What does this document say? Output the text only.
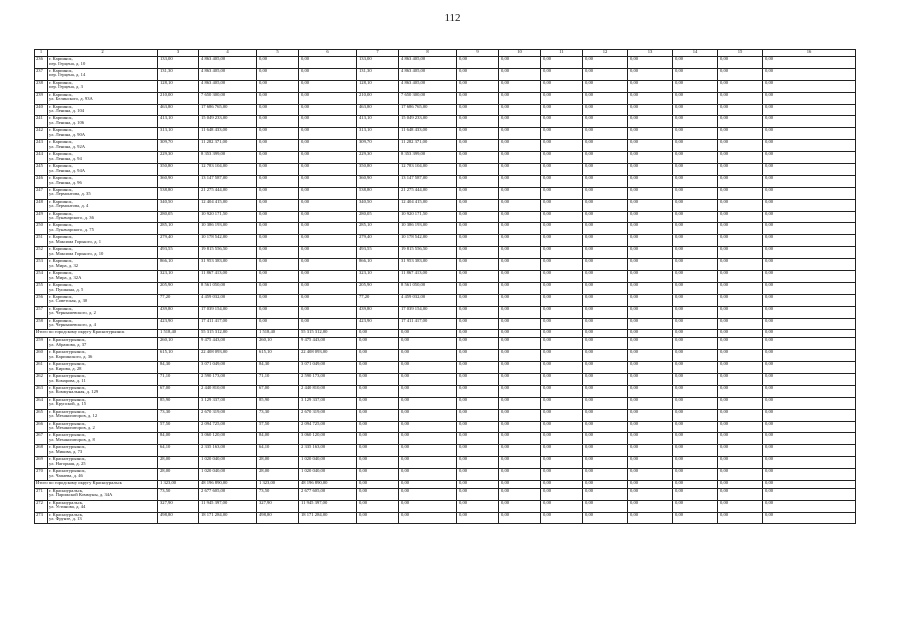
112
1	2	3	4	5	6	7	8	9	10	11	12	13	14	15	16
236	г. Карпинск,
пер. Герцена, д. 10	133,00	4 863 405,00	0,00	0,00	133,00	4 863 405,00	0,00	0,00	0,00	0,00	0,00	0,00	0,00	0,00
237	г. Карпинск,
пер. Герцена, д. 14	131,30	4 863 405,00	0,00	0,00	131,30	4 863 405,00	0,00	0,00	0,00	0,00	0,00	0,00	0,00	0,00
238	г. Карпинск,
пер. Герцена, д. 3	128,10	4 863 405,00	0,00	0,00	128,10	4 863 405,00	0,00	0,00	0,00	0,00	0,00	0,00	0,00	0,00
239	г. Карпинск,
ул. Белинского, д. 93А	210,00	7 650 300,00	0,00	0,00	210,00	7 650 300,00	0,00	0,00	0,00	0,00	0,00	0,00	0,00	0,00
240	г. Карпинск,
ул. Ленина, д. 104	463,80	17 686 765,00	0,00	0,00	463,80	17 686 765,00	0,00	0,00	0,00	0,00	0,00	0,00	0,00	0,00
241	г. Карпинск,
ул. Ленина, д. 106	413,10	15 049 233,00	0,00	0,00	413,10	15 049 233,00	0,00	0,00	0,00	0,00	0,00	0,00	0,00	0,00
242	г. Карпинск,
ул. Ленина, д. 90А	313,10	11 648 433,00	0,00	0,00	313,10	11 648 433,00	0,00	0,00	0,00	0,00	0,00	0,00	0,00	0,00
243	г. Карпинск,
ул. Ленина, д. 92А	309,70	11 282 371,00	0,00	0,00	309,70	11 282 371,00	0,00	0,00	0,00	0,00	0,00	0,00	0,00	0,00
244	г. Карпинск,
ул. Ленина, д. 94	229,30	8 353 399,00	0,00	0,00	229,30	8 353 399,00	0,00	0,00	0,00	0,00	0,00	0,00	0,00	0,00
245	г. Карпинск,
ул. Ленина, д. 94А	350,80	12 783 104,00	0,00	0,00	350,80	12 783 104,00	0,00	0,00	0,00	0,00	0,00	0,00	0,00	0,00
246	г. Карпинск,
ул. Ленина, д. 96	360,90	13 147 587,00	0,00	0,00	360,90	13 147 587,00	0,00	0,00	0,00	0,00	0,00	0,00	0,00	0,00
247	г. Карпинск,
ул. Лермонтова, д. 35	538,80	21 275 444,00	0,00	0,00	538,80	21 275 444,00	0,00	0,00	0,00	0,00	0,00	0,00	0,00	0,00
248	г. Карпинск,
ул. Лермонтова, д. 4	340,50	12 404 415,00	0,00	0,00	340,50	12 404 415,00	0,00	0,00	0,00	0,00	0,00	0,00	0,00	0,00
249	г. Карпинск,
ул. Луначарского, д. 36	280,05	10 920 171,50	0,00	0,00	280,05	10 920 171,50	0,00	0,00	0,00	0,00	0,00	0,00	0,00	0,00
250	г. Карпинск,
ул. Луначарского, д. 75	285,10	10 386 193,00	0,00	0,00	285,10	10 386 193,00	0,00	0,00	0,00	0,00	0,00	0,00	0,00	0,00
251	г. Карпинск,
ул. Максима Горького, д. 1	279,40	10 178 542,00	0,00	0,00	279,40	10 178 542,00	0,00	0,00	0,00	0,00	0,00	0,00	0,00	0,00
252	г. Карпинск,
ул. Максима Горького, д. 10	493,55	19 815 556,50	0,00	0,00	493,55	19 815 556,50	0,00	0,00	0,00	0,00	0,00	0,00	0,00	0,00
253	г. Карпинск,
ул. Мира, д. 32	866,10	31 953 383,00	0,00	0,00	866,10	31 953 383,00	0,00	0,00	0,00	0,00	0,00	0,00	0,00	0,00
254	г. Карпинск,
ул. Мира, д. 32А	323,10	11 867 413,00	0,00	0,00	323,10	11 867 413,00	0,00	0,00	0,00	0,00	0,00	0,00	0,00	0,00
255	г. Карпинск,
ул. Пушкина, д. 5	205,90	8 561 050,00	0,00	0,00	205,90	8 561 050,00	0,00	0,00	0,00	0,00	0,00	0,00	0,00	0,00
256	г. Карпинск,
ул. Советская, д. 30	77,20	4 459 032,00	0,00	0,00	77,20	4 459 032,00	0,00	0,00	0,00	0,00	0,00	0,00	0,00	0,00
257	г. Карпинск,
ул. Чернышевского, д. 2	439,80	17 039 154,00	0,00	0,00	439,80	17 039 154,00	0,00	0,00	0,00	0,00	0,00	0,00	0,00	0,00
258	г. Карпинск,
ул. Чернышевского, д. 4	423,90	17 411 417,00	0,00	0,00	423,90	17 411 417,00	0,00	0,00	0,00	0,00	0,00	0,00	0,00	0,00
Итого по городскому округу Краснотурьинск		1 518,40	55 315 312,00	1 518,40	55 315 312,00	0,00	0,00	0,00	0,00	0,00	0,00	0,00	0,00	0,00	0,00
259	г. Краснотурьинск,
ул. Абрамова, д. 37	260,10	9 475 443,00	260,10	9 475 443,00	0,00	0,00	0,00	0,00	0,00	0,00	0,00	0,00	0,00	0,00
260	г. Краснотурьинск,
ул. Карпинского, д. 36	615,10	22 408 093,00	615,10	22 408 093,00	0,00	0,00	0,00	0,00	0,00	0,00	0,00	0,00	0,00	0,00
261	г. Краснотурьинск,
ул. Кирова, д. 28	84,30	3 071 049,00	84,30	3 071 049,00	0,00	0,00	0,00	0,00	0,00	0,00	0,00	0,00	0,00	0,00
262	г. Краснотурьинск,
ул. Комарова, д. 11	71,10	2 590 173,00	71,10	2 590 173,00	0,00	0,00	0,00	0,00	0,00	0,00	0,00	0,00	0,00	0,00
263	г. Краснотурьинск,
ул. Коммунальная, д. 129	67,00	2 440 810,00	67,00	2 440 810,00	0,00	0,00	0,00	0,00	0,00	0,00	0,00	0,00	0,00	0,00
264	г. Краснотурьинск,
ул. Крупской, д. 15	85,90	3 129 337,00	85,90	3 129 337,00	0,00	0,00	0,00	0,00	0,00	0,00	0,00	0,00	0,00	0,00
265	г. Краснотурьинск,
ул. Механизаторов, д. 12	73,30	2 670 319,00	73,30	2 670 319,00	0,00	0,00	0,00	0,00	0,00	0,00	0,00	0,00	0,00	0,00
266	г. Краснотурьинск,
ул. Механизаторов, д. 2	57,50	2 094 725,00	57,50	2 094 725,00	0,00	0,00	0,00	0,00	0,00	0,00	0,00	0,00	0,00	0,00
267	г. Краснотурьинск,
ул. Механизаторов, д. 8	84,00	3 060 120,00	84,00	3 060 120,00	0,00	0,00	0,00	0,00	0,00	0,00	0,00	0,00	0,00	0,00
268	г. Краснотурьинск,
ул. Микова, д. 73	64,10	2 335 163,00	64,10	2 335 163,00	0,00	0,00	0,00	0,00	0,00	0,00	0,00	0,00	0,00	0,00
269	г. Краснотурьинск,
ул. Нагорная, д. 25	28,00	1 020 040,00	28,00	1 020 040,00	0,00	0,00	0,00	0,00	0,00	0,00	0,00	0,00	0,00	0,00
270	г. Краснотурьинск,
ул. Чапаева, д. 46	28,00	1 020 040,00	28,00	1 020 040,00	0,00	0,00	0,00	0,00	0,00	0,00	0,00	0,00	0,00	0,00
Итого по городскому округу Красноуральск		1 323,00	48 196 890,00	1 323,00	48 196 890,00	0,00	0,00	0,00	0,00	0,00	0,00	0,00	0,00	0,00	0,00
271	г. Красноуральск,
ул. Парижской Коммуны, д. 34А	73,50	2 677 605,00	73,50	2 677 605,00	0,00	0,00	0,00	0,00	0,00	0,00	0,00	0,00	0,00	0,00
272	г. Красноуральск,
ул. Устинова, д. 44	327,90	11 945 397,00	327,90	11 945 397,00	0,00	0,00	0,00	0,00	0,00	0,00	0,00	0,00	0,00	0,00
273	г. Красноуральск,
ул. Фрунзе, д. 13	498,80	18 171 284,00	498,80	18 171 284,00	0,00	0,00	0,00	0,00	0,00	0,00	0,00	0,00	0,00	0,00
